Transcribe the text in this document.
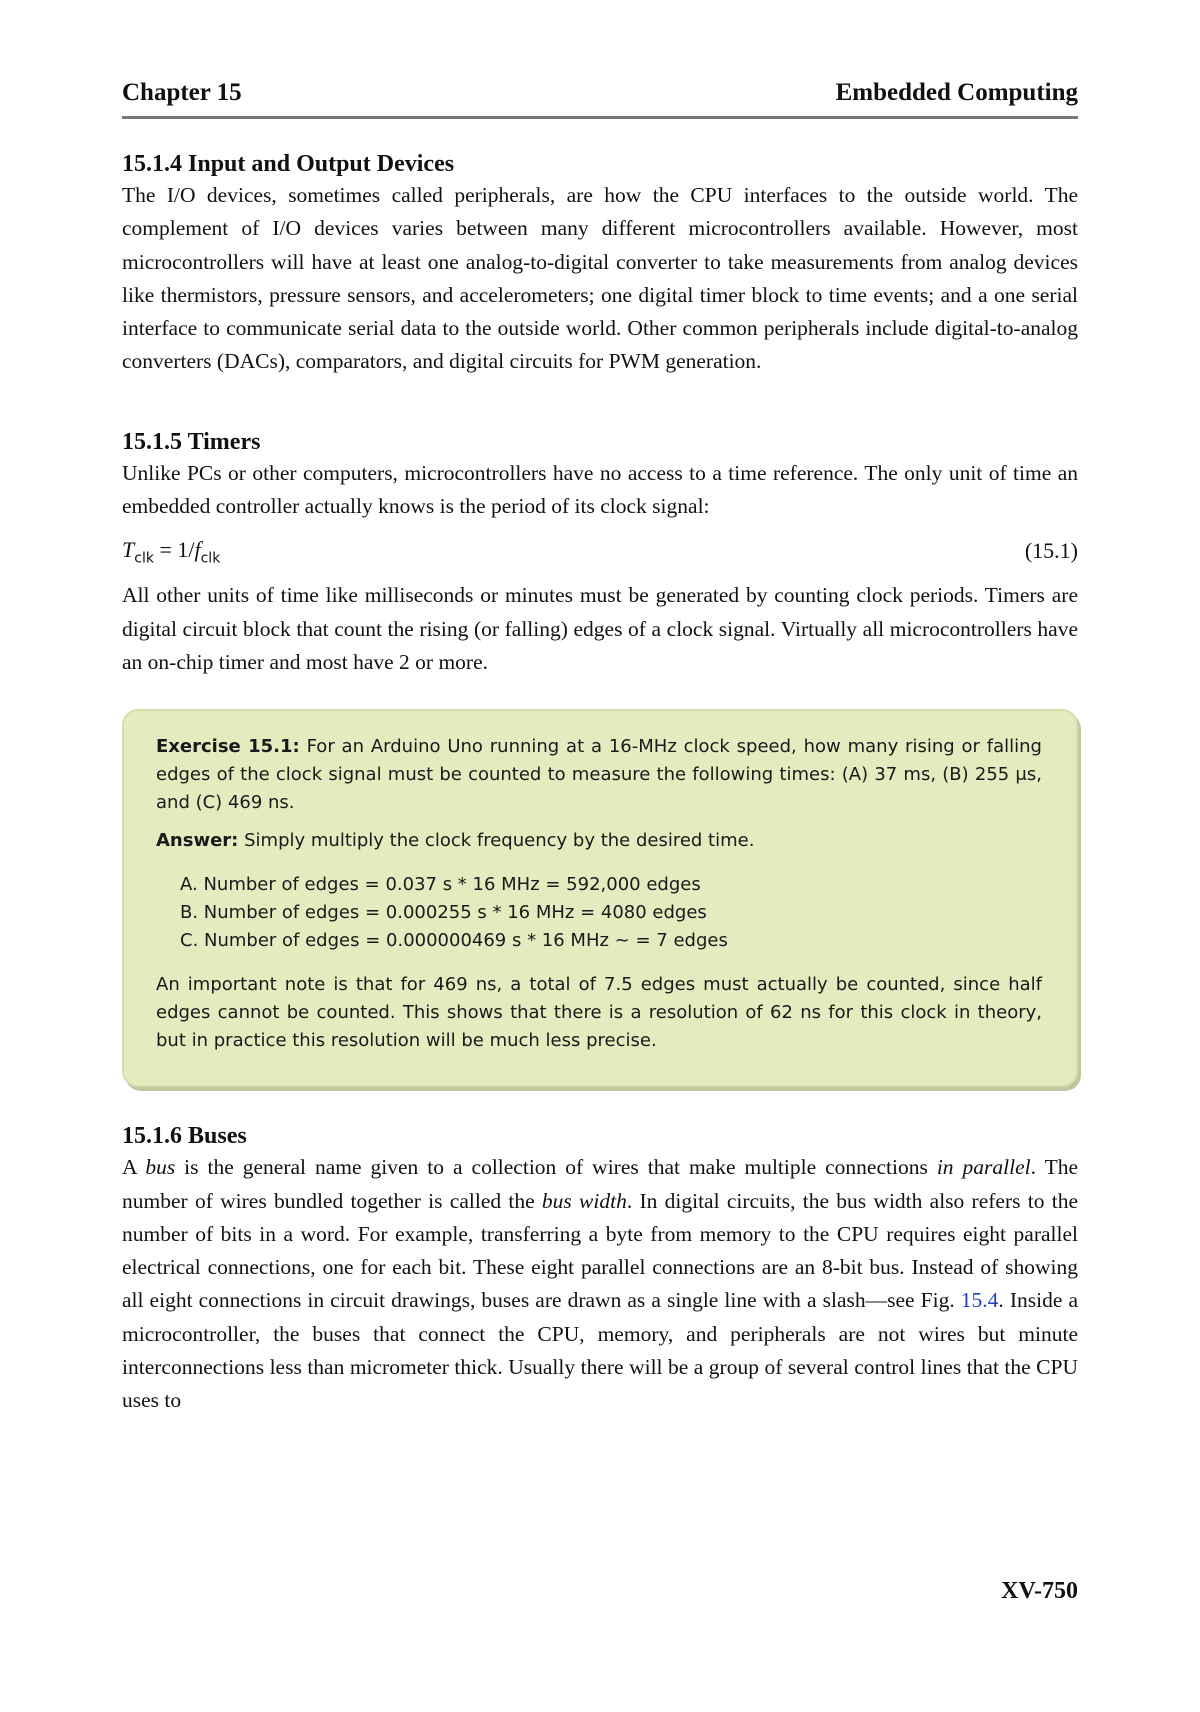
Chapter 15	Embedded Computing
15.1.4 Input and Output Devices

The I/O devices, sometimes called peripherals, are how the CPU interfaces to the outside world. The complement of I/O devices varies between many different microcontrollers available. However, most microcontrollers will have at least one analog-to-digital converter to take measurements from analog devices like thermistors, pressure sensors, and accelerometers; one digital timer block to time events; and a one serial interface to communicate serial data to the outside world. Other common peripherals include digital-to-analog converters (DACs), comparators, and digital circuits for PWM generation.

15.1.5 Timers

Unlike PCs or other computers, microcontrollers have no access to a time reference. The only unit of time an embedded controller actually knows is the period of its clock signal:

$T_{clk} = 1/f_{clk}$	(15.1)

All other units of time like milliseconds or minutes must be generated by counting clock periods. Timers are digital circuit block that count the rising (or falling) edges of a clock signal. Virtually all microcontrollers have an on-chip timer and most have 2 or more.

Exercise 15.1: For an Arduino Uno running at a 16-MHz clock speed, how many rising or falling edges of the clock signal must be counted to measure the following times: (A) 37 ms, (B) 255 μs, and (C) 469 ns.

Answer: Simply multiply the clock frequency by the desired time.

A. Number of edges = 0.037 s * 16 MHz = 592,000 edges
B. Number of edges = 0.000255 s * 16 MHz = 4080 edges
C. Number of edges = 0.000000469 s * 16 MHz ~ = 7 edges

An important note is that for 469 ns, a total of 7.5 edges must actually be counted, since half edges cannot be counted. This shows that there is a resolution of 62 ns for this clock in theory, but in practice this resolution will be much less precise.

15.1.6 Buses

A bus is the general name given to a collection of wires that make multiple connections in parallel. The number of wires bundled together is called the bus width. In digital circuits, the bus width also refers to the number of bits in a word. For example, transferring a byte from memory to the CPU requires eight parallel electrical connections, one for each bit. These eight parallel connections are an 8-bit bus. Instead of showing all eight connections in circuit drawings, buses are drawn as a single line with a slash—see Fig. 15.4. Inside a microcontroller, the buses that connect the CPU, memory, and peripherals are not wires but minute interconnections less than micrometer thick. Usually there will be a group of several control lines that the CPU uses to

XV-750
